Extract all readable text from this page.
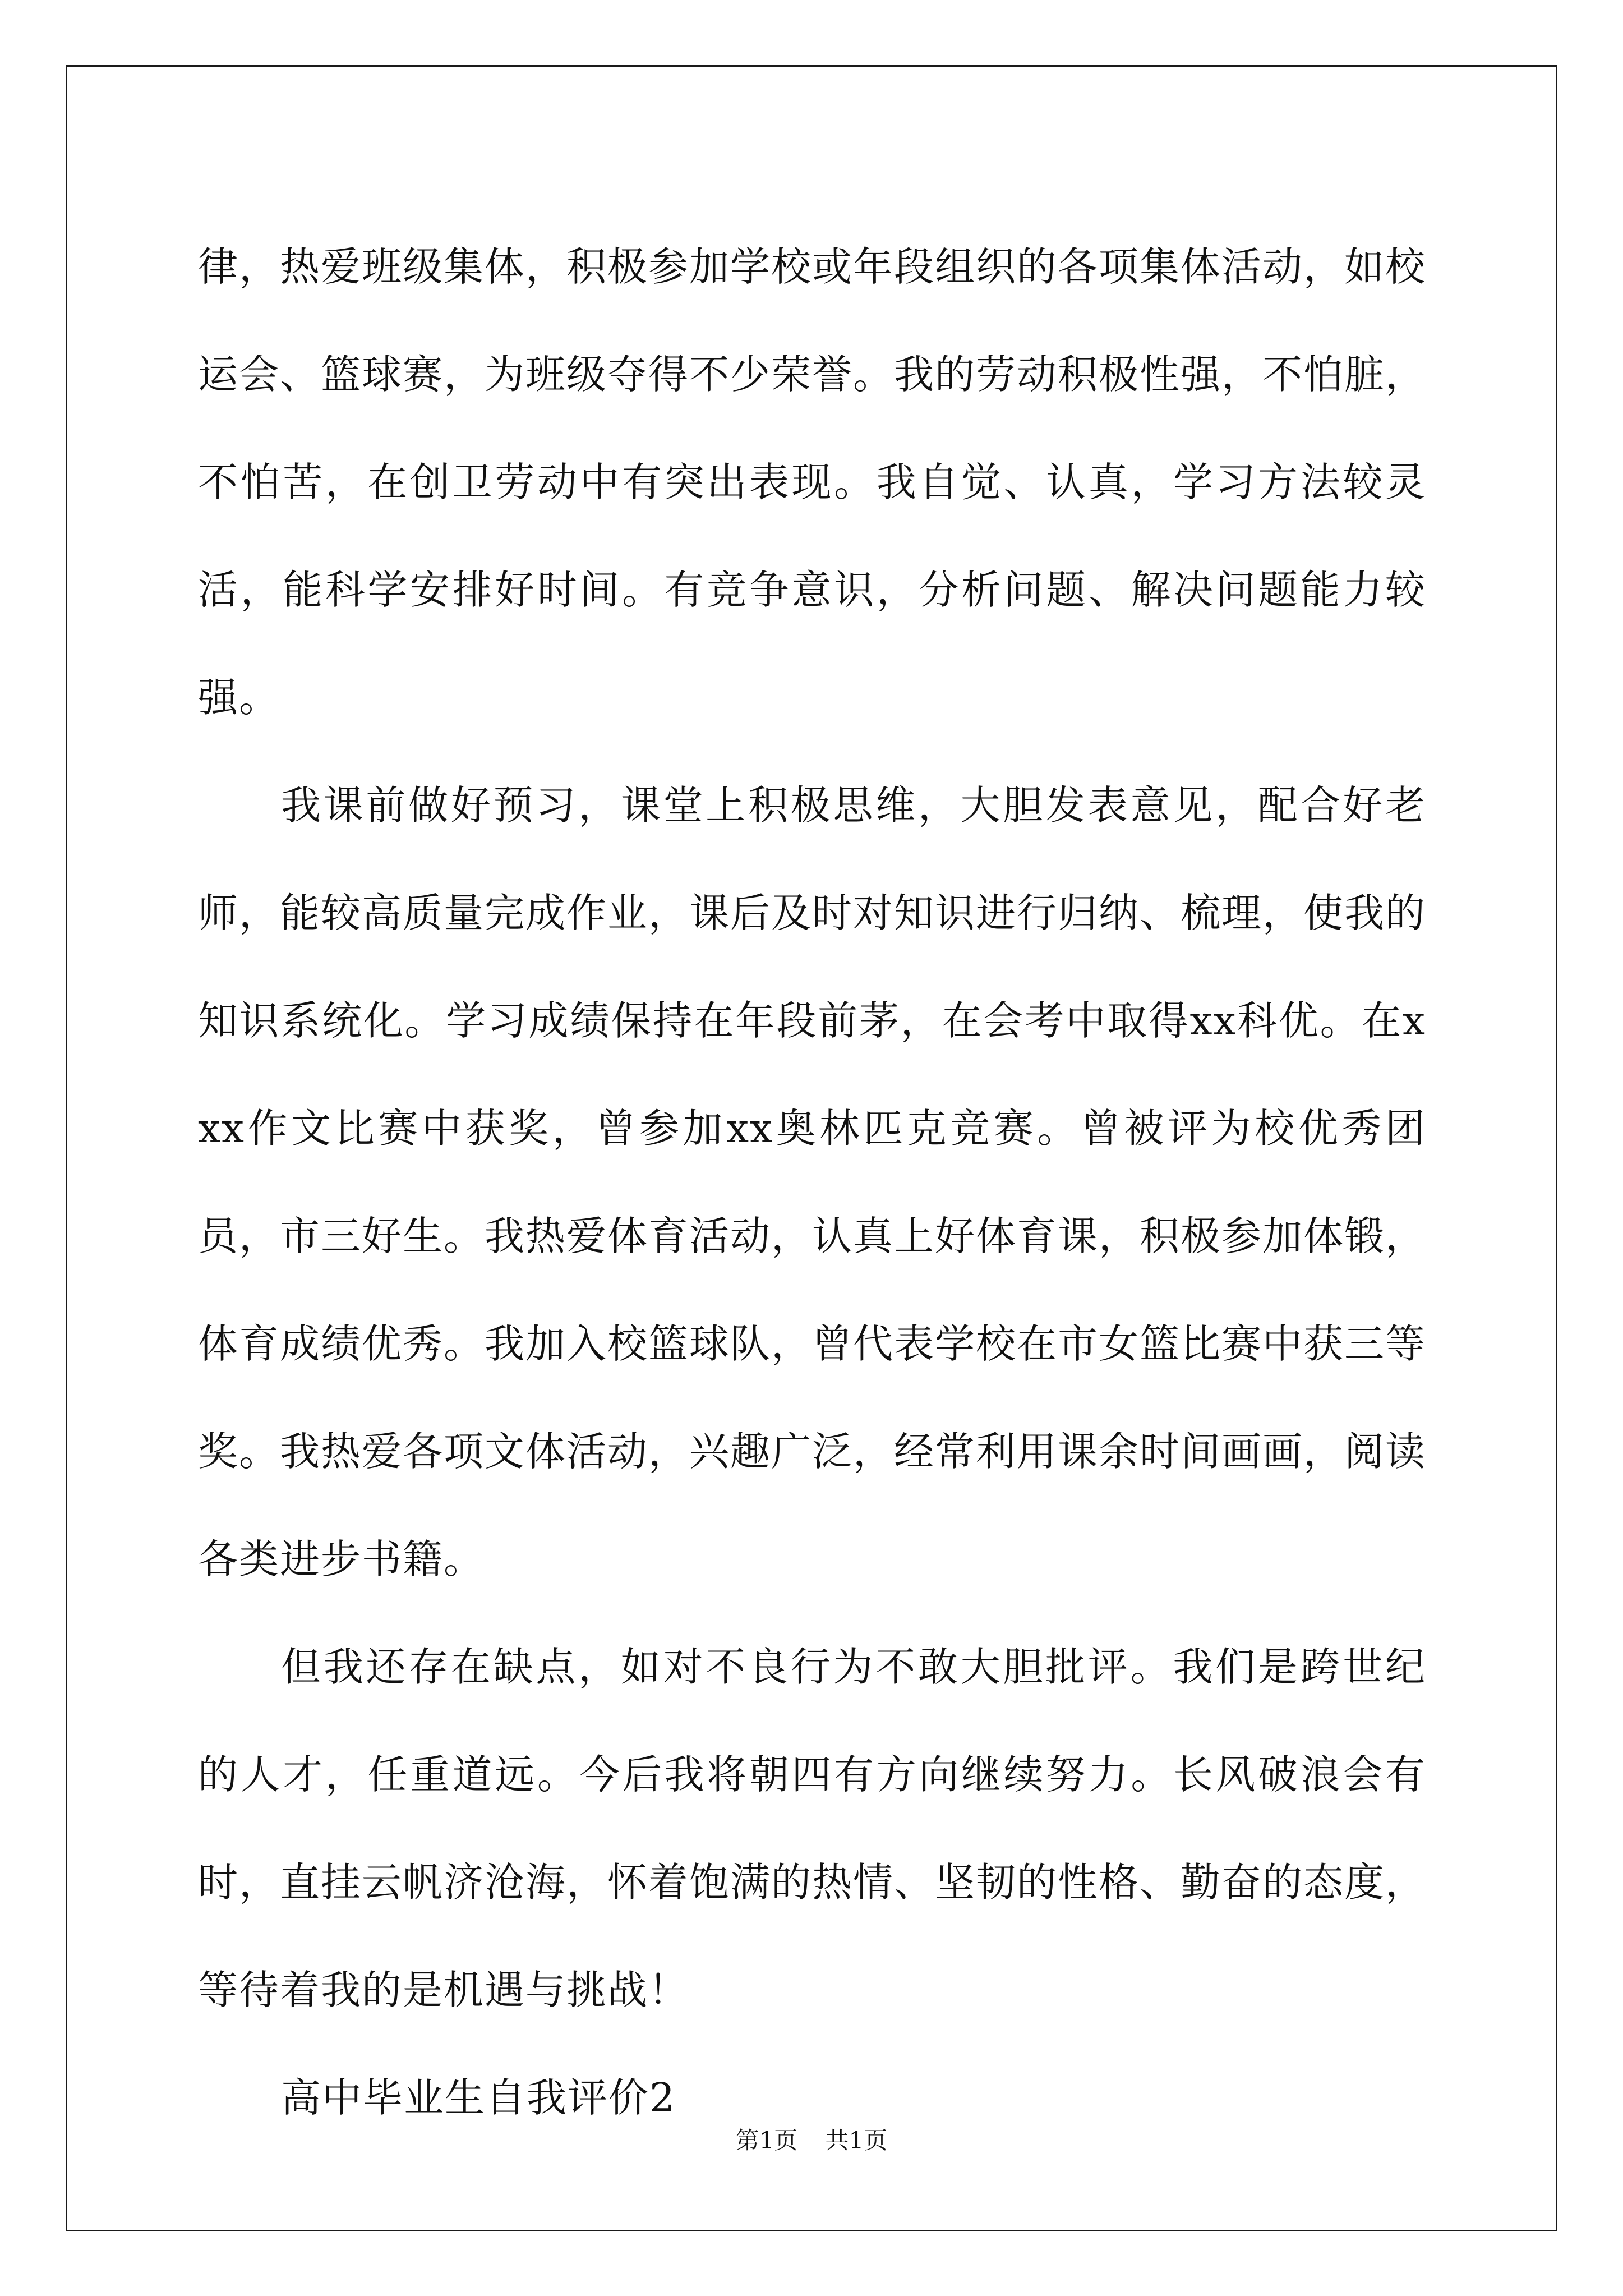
律，热爱班级集体，积极参加学校或年段组织的各项集体活动，如校运会、篮球赛，为班级夺得不少荣誉。我的劳动积极性强，不怕脏，不怕苦，在创卫劳动中有突出表现。我自觉、认真，学习方法较灵活，能科学安排好时间。有竞争意识，分析问题、解决问题能力较强。

我课前做好预习，课堂上积极思维，大胆发表意见，配合好老师，能较高质量完成作业，课后及时对知识进行归纳、梳理，使我的知识系统化。学习成绩保持在年段前茅，在会考中取得xx科优。在xxx作文比赛中获奖，曾参加xx奥林匹克竞赛。曾被评为校优秀团员，市三好生。我热爱体育活动，认真上好体育课，积极参加体锻，体育成绩优秀。我加入校篮球队，曾代表学校在市女篮比赛中获三等奖。我热爱各项文体活动，兴趣广泛，经常利用课余时间画画，阅读各类进步书籍。

但我还存在缺点，如对不良行为不敢大胆批评。我们是跨世纪的人才，任重道远。今后我将朝四有方向继续努力。长风破浪会有时，直挂云帆济沧海，怀着饱满的热情、坚韧的性格、勤奋的态度，等待着我的是机遇与挑战！

高中毕业生自我评价2

第1页 共1页
